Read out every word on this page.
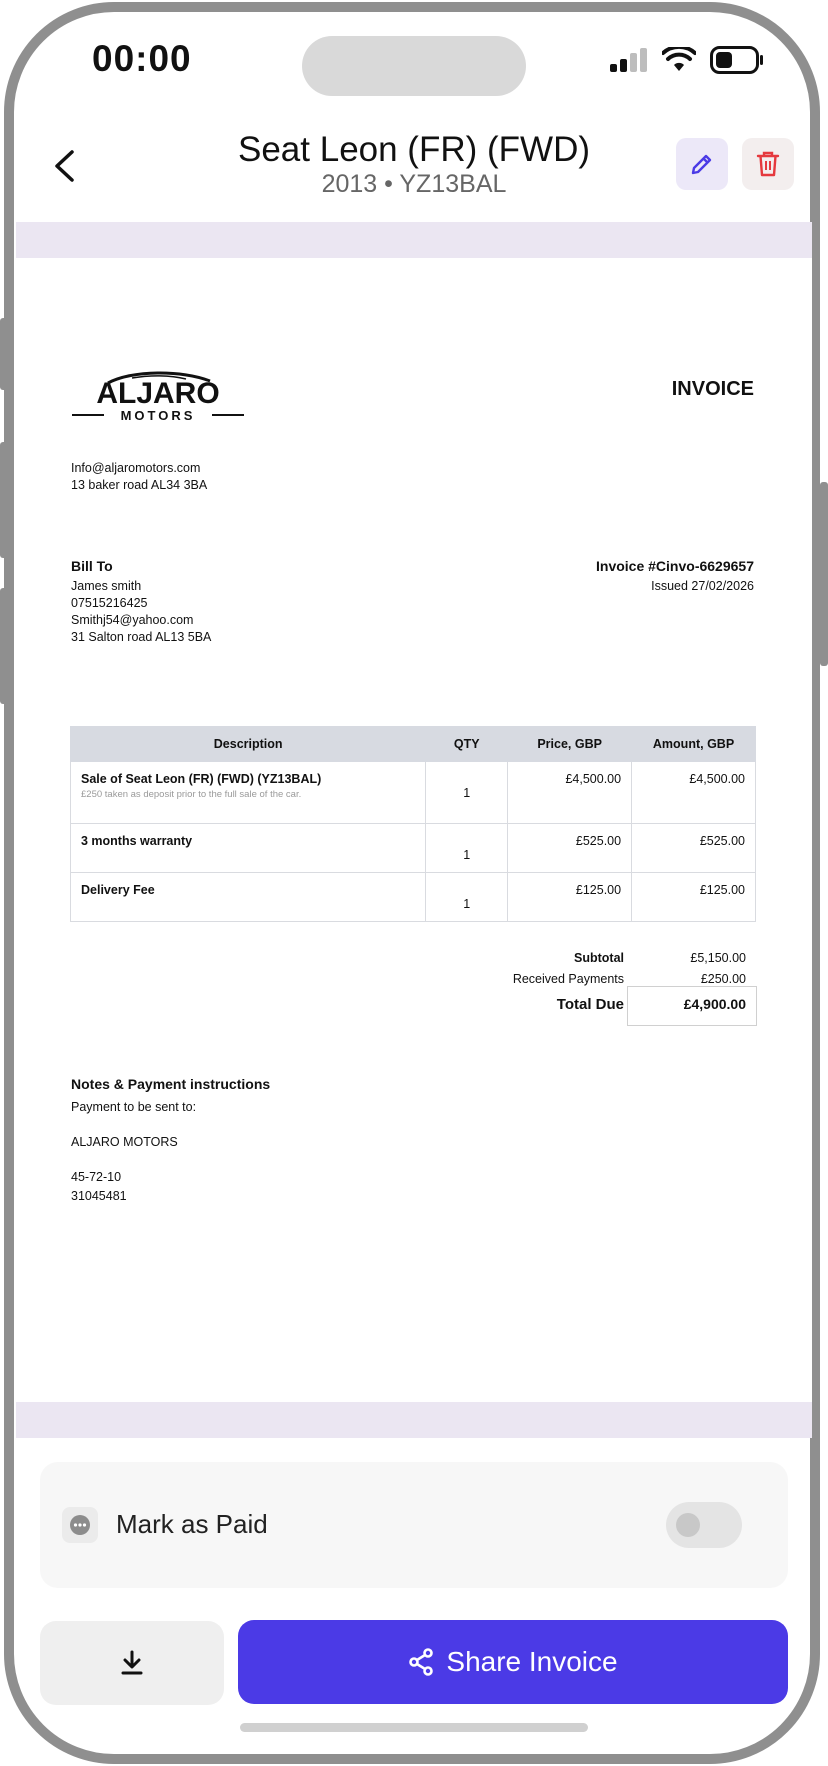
00:00
Seat Leon (FR) (FWD)
2013 • YZ13BAL
INVOICE
ALJARO
MOTORS
Info@aljaromotors.com
13 baker road AL34 3BA
Bill To
James smith
07515216425
Smithj54@yahoo.com
31 Salton road AL13 5BA
Invoice #Cinvo-6629657
Issued 27/02/2026
Description	QTY	Price, GBP	Amount, GBP

Sale of Seat Leon (FR) (FWD) (YZ13BAL)
£250 taken as deposit prior to the full sale of the car.	1	£4,500.00	£4,500.00

3 months warranty	1	£525.00	£525.00

Delivery Fee	1	£125.00	£125.00
Subtotal	£5,150.00
Received Payments	£250.00
Total Due	£4,900.00
Notes & Payment instructions
Payment to be sent to:
ALJARO MOTORS
45-72-10
31045481
Mark as Paid
Share Invoice
